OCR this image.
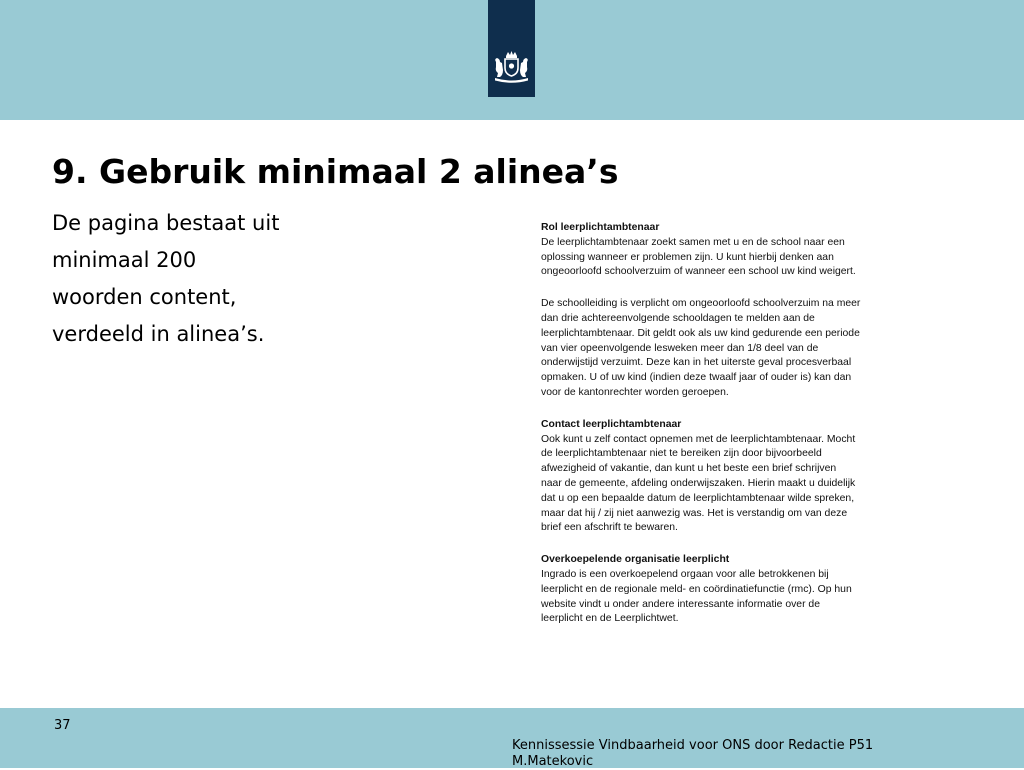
9. Gebruik minimaal 2 alinea’s
De pagina bestaat uit
minimaal 200
woorden content,
verdeeld in alinea’s.
Rol leerplichtambtenaar
De leerplichtambtenaar zoekt samen met u en de school naar een
oplossing wanneer er problemen zijn. U kunt hierbij denken aan
ongeoorloofd schoolverzuim of wanneer een school uw kind weigert.
De schoolleiding is verplicht om ongeoorloofd schoolverzuim na meer
dan drie achtereenvolgende schooldagen te melden aan de
leerplichtambtenaar. Dit geldt ook als uw kind gedurende een periode
van vier opeenvolgende lesweken meer dan 1/8 deel van de
onderwijstijd verzuimt. Deze kan in het uiterste geval procesverbaal
opmaken. U of uw kind (indien deze twaalf jaar of ouder is) kan dan
voor de kantonrechter worden geroepen.
Contact leerplichtambtenaar
Ook kunt u zelf contact opnemen met de leerplichtambtenaar. Mocht
de leerplichtambtenaar niet te bereiken zijn door bijvoorbeeld
afwezigheid of vakantie, dan kunt u het beste een brief schrijven
naar de gemeente, afdeling onderwijszaken. Hierin maakt u duidelijk
dat u op een bepaalde datum de leerplichtambtenaar wilde spreken,
maar dat hij / zij niet aanwezig was. Het is verstandig om van deze
brief een afschrift te bewaren.
Overkoepelende organisatie leerplicht
Ingrado is een overkoepelend orgaan voor alle betrokkenen bij
leerplicht en de regionale meld- en coördinatiefunctie (rmc). Op hun
website vindt u onder andere interessante informatie over de
leerplicht en de Leerplichtwet.
37
Kennissessie Vindbaarheid voor ONS door Redactie P51
M.Matekovic
